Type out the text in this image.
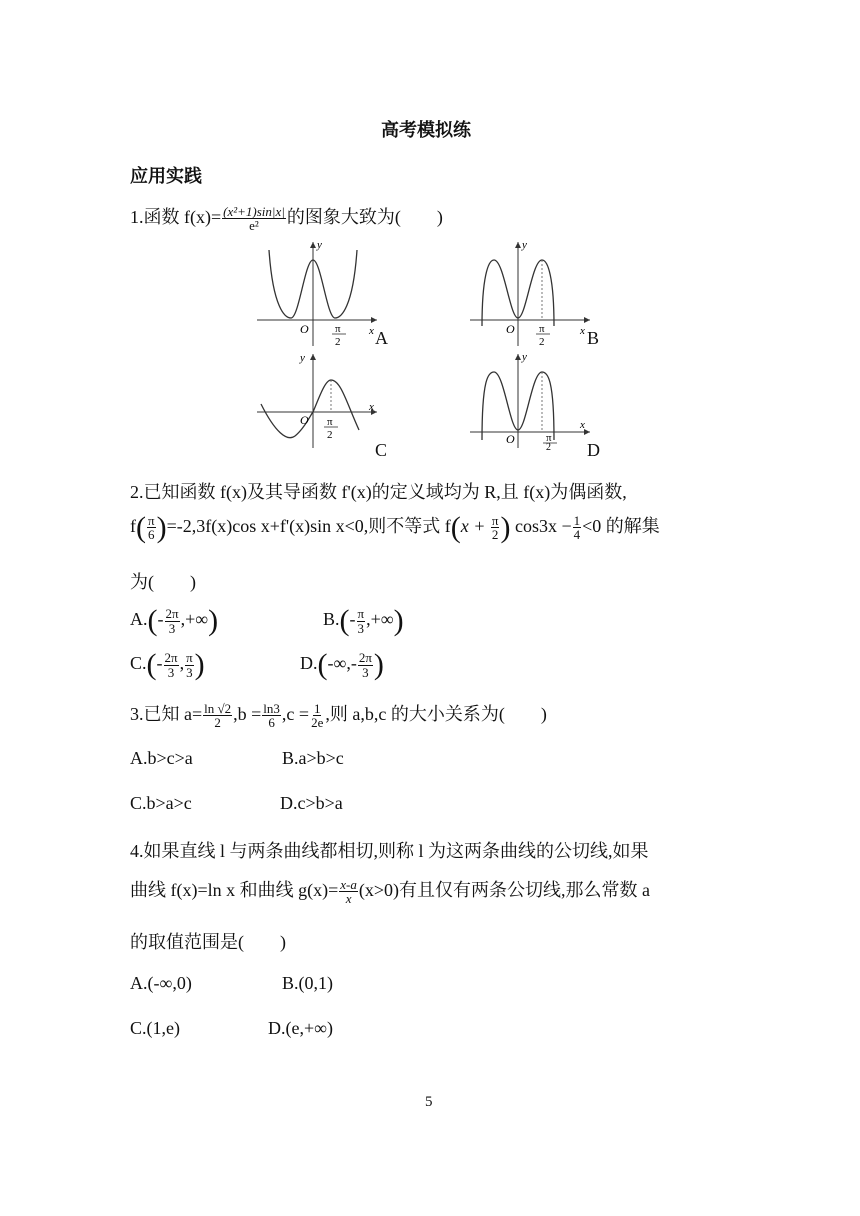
高考模拟练
应用实践
1.函数 $f(x)= \frac{\text{(x²+1)sin|x|}}{\text{e²}}$ 的图象大致为(　　)
y
x
O π
2 A
y
x
O π
2 B
y
x
O π
2
C
y
x
O	π
2 D
2.已知函数 f(x)及其导函数 f'(x)的定义域均为 R,且 f(x)为偶函数,
$f( \frac{\pi}{6} )=-2,3f(x)\cos$ x+f'(x)sin x<0,则不等式 $f(x + \frac{\pi}{2}$ ) $\cos 3x - \frac{1}{4} <0$ 的解集
为(　　)
$A.(- \frac{2\pi}{3}$ ,+∞)	$B.(- \frac{\pi}{3}$ ,+∞)
$C.(- \frac{2\pi}{3}$ , $\frac{\pi}{3}$ )	$D.(-\infty,- \frac{2\pi}{3}$ )
3.已知 $a= \frac{\ln √2}{2} ,b = \frac{\ln 3}{6} ,c = \frac{1}{2e}$ ,则 a,b,c 的大小关系为(　　)
A.b>c>a	B.a>b>c
C.b>a>c	D.c>b>a
4.如果直线 l 与两条曲线都相切,则称 l 为这两条曲线的公切线,如果
曲线 f(x)=ln x 和曲线 $g(x)= \frac{x-a}{x} (x>0)$有且仅有两条公切线,那么常数 a
的取值范围是(　　)
A.(-∞,0)	B.(0,1)
C.(1,e)	D.(e,+∞)
5
